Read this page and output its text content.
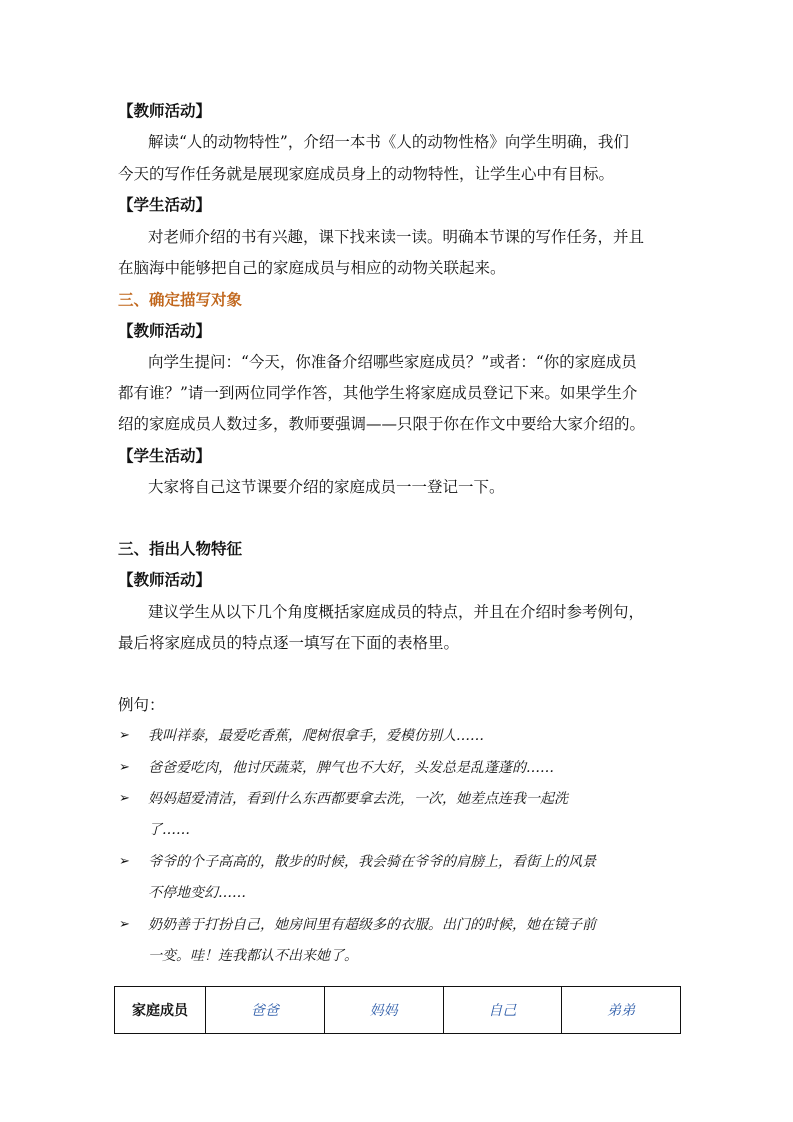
【教师活动】
解读“人的动物特性”，介绍一本书《人的动物性格》向学生明确，我们
今天的写作任务就是展现家庭成员身上的动物特性，让学生心中有目标。
【学生活动】
对老师介绍的书有兴趣，课下找来读一读。明确本节课的写作任务，并且
在脑海中能够把自己的家庭成员与相应的动物关联起来。
三、确定描写对象
【教师活动】
向学生提问：“今天，你准备介绍哪些家庭成员？”或者：“你的家庭成员
都有谁？”请一到两位同学作答，其他学生将家庭成员登记下来。如果学生介
绍的家庭成员人数过多，教师要强调——只限于你在作文中要给大家介绍的。
【学生活动】
大家将自己这节课要介绍的家庭成员一一登记一下。
三、指出人物特征
【教师活动】
建议学生从以下几个角度概括家庭成员的特点，并且在介绍时参考例句，
最后将家庭成员的特点逐一填写在下面的表格里。
例句：
➢ 我叫祥泰，最爱吃香蕉，爬树很拿手，爱模仿别人……
➢ 爸爸爱吃肉，他讨厌蔬菜，脾气也不大好，头发总是乱蓬蓬的……
➢ 妈妈超爱清洁，看到什么东西都要拿去洗，一次，她差点连我一起洗
了……
➢ 爷爷的个子高高的，散步的时候，我会骑在爷爷的肩膀上，看街上的风景
不停地变幻……
➢ 奶奶善于打扮自己，她房间里有超级多的衣服。出门的时候，她在镜子前
一变。哇！连我都认不出来她了。
家庭成员	爸爸	妈妈	自己	弟弟
